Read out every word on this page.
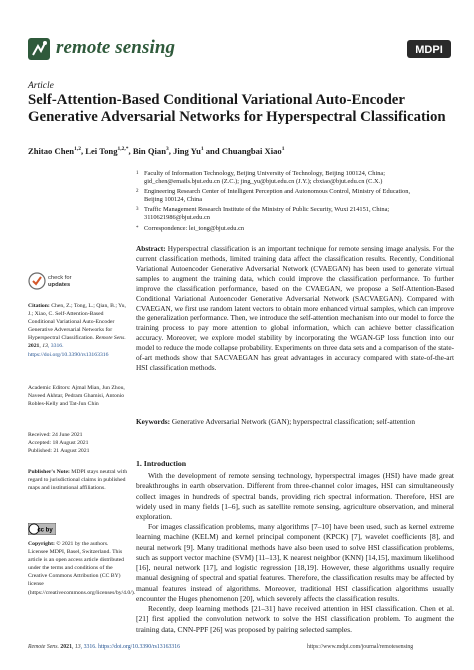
remote sensing	MDPI
Article
Self-Attention-Based Conditional Variational Auto-Encoder Generative Adversarial Networks for Hyperspectral Classification
Zhitao Chen$^{1,2}$, Lei Tong$^{1,2,*}$, Bin Qian$^3$, Jing Yu$^1$ and Chuangbai Xiao$^1$
1 Faculty of Information Technology, Beijing University of Technology, Beijing 100124, China;
gid_chen@emails.bjut.edu.cn (Z.C.); jing_yu@bjut.edu.cn (J.Y.); cbxiao@bjut.edu.cn (C.X.)
2 Engineering Research Center of Intelligent Perception and Autonomous Control, Ministry of Education,
Beijing 100124, China
3 Traffic Management Research Institute of the Ministry of Public Security, Wuxi 214151, China;
3110621986@bjut.edu.cn
* Correspondence: lei_tong@bjut.edu.cn

Abstract: Hyperspectral classification is an important technique for remote sensing image analysis. For the current classification methods, limited training data affect the classification results. Recently, Conditional Variational Autoencoder Generative Adversarial Network (CVAEGAN) has been used to generate virtual samples to augment the training data, which could improve the classification performance. To further improve the classification performance, based on the CVAEGAN, we propose a Self-Attention-Based Conditional Variational Autoencoder Generative Adversarial Network (SACVAEGAN). Compared with CVAEGAN, we first use random latent vectors to obtain more enhanced virtual samples, which can improve the generalization performance. Then, we introduce the self-attention mechanism into our model to force the training process to pay more attention to global information, which can achieve better classification accuracy. Moreover, we explore model stability by incorporating the WGAN-GP loss function into our model to reduce the mode collapse probability. Experiments on three data sets and a comparison of the state-of-art methods show that SACVAEGAN has great advantages in accuracy compared with state-of-the-art HSI classification methods.

Keywords: Generative Adversarial Network (GAN); hyperspectral classification; self-attention

check for
updates

Citation: Chen, Z.; Tong, L.; Qian, B.; Yu, J.; Xiao, C. Self-Attention-Based Conditional Variational Auto-Encoder Generative Adversarial Networks for Hyperspectral Classification. Remote Sens. 2021, 13, 3316. https://doi.org/10.3390/rs13163316

Academic Editors: Ajmal Mian, Jun Zhou, Naveed Akhtar, Pedram Ghamisi, Antonio Robles-Kelly and Tat-Jun Chin

Received: 24 June 2021

Accepted: 18 August 2021

Published: 21 August 2021

Publisher's Note: MDPI stays neutral with regard to jurisdictional claims in published maps and institutional affiliations.

cc by

Copyright: © 2021 by the authors. Licensee MDPI, Basel, Switzerland. This article is an open access article distributed under the terms and conditions of the Creative Commons Attribution (CC BY) license (https://creativecommons.org/licenses/by/4.0/).

1. Introduction

With the development of remote sensing technology, hyperspectral images (HSI) have made great breakthroughs in earth observation. Different from three-channel color images, HSI can simultaneously collect images in hundreds of spectral bands, providing rich spectral information. Therefore, HSI are widely used in many fields [1–6], such as satellite remote sensing, agriculture observation, and mineral exploration.

For images classification problems, many algorithms [7–10] have been used, such as kernel extreme learning machine (KELM) and kernel principal component (KPCK) [7], wavelet coefficients [8], and neural network [9]. Many traditional methods have also been used to solve HSI classification problems, such as support vector machine (SVM) [11–13], K nearest neighbor (KNN) [14,15], maximum likelihood [16], neural network [17], and logistic regression [18,19]. However, these algorithms usually require manual designing of spectral and spatial features. Therefore, the classification results may be affected by manual features instead of algorithms. Moreover, traditional HSI classification algorithms usually encounter the Huges phenomenon [20], which severely affects the classification results.

Recently, deep learning methods [21–31] have received attention in HSI classification. Chen et al. [21] first applied the convolution network to solve the HSI classification problem. To augment the training data, CNN-PPF [26] was proposed by pairing selected samples.

Remote Sens. 2021, 13, 3316. https://doi.org/10.3390/rs13163316	https://www.mdpi.com/journal/remotesensing
